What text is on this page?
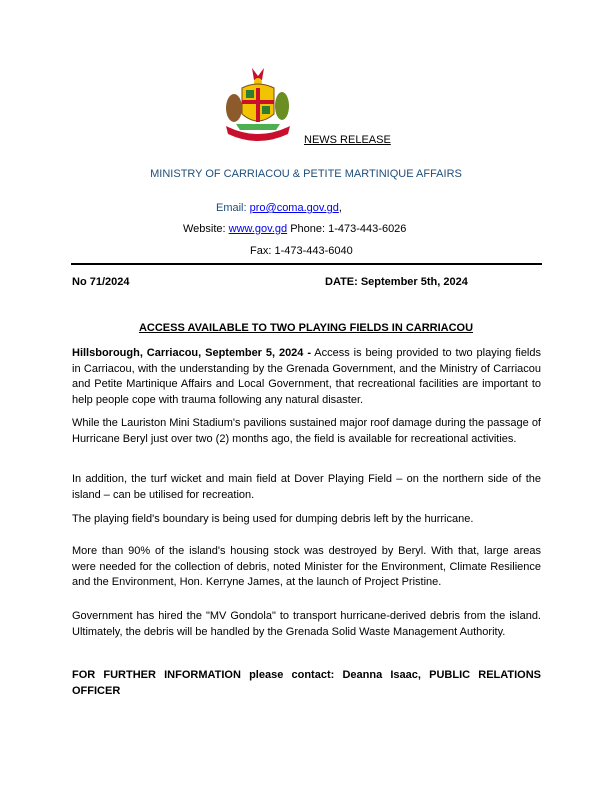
NEWS RELEASE
MINISTRY OF CARRIACOU & PETITE MARTINIQUE AFFAIRS
Email: pro@coma.gov.gd,
Website: www.gov.gd Phone: 1-473-443-6026
Fax: 1-473-443-6040
No 71/2024	DATE: September 5th, 2024
ACCESS AVAILABLE TO TWO PLAYING FIELDS IN CARRIACOU
Hillsborough, Carriacou, September 5, 2024 - Access is being provided to two playing fields in Carriacou, with the understanding by the Grenada Government, and the Ministry of Carriacou and Petite Martinique Affairs and Local Government, that recreational facilities are important to help people cope with trauma following any natural disaster.
While the Lauriston Mini Stadium's pavilions sustained major roof damage during the passage of Hurricane Beryl just over two (2) months ago, the field is available for recreational activities.
In addition, the turf wicket and main field at Dover Playing Field – on the northern side of the island – can be utilised for recreation.
The playing field's boundary is being used for dumping debris left by the hurricane.
More than 90% of the island's housing stock was destroyed by Beryl. With that, large areas were needed for the collection of debris, noted Minister for the Environment, Climate Resilience and the Environment, Hon. Kerryne James, at the launch of Project Pristine.
Government has hired the "MV Gondola" to transport hurricane-derived debris from the island. Ultimately, the debris will be handled by the Grenada Solid Waste Management Authority.
FOR FURTHER INFORMATION please contact: Deanna Isaac, PUBLIC RELATIONS OFFICER
